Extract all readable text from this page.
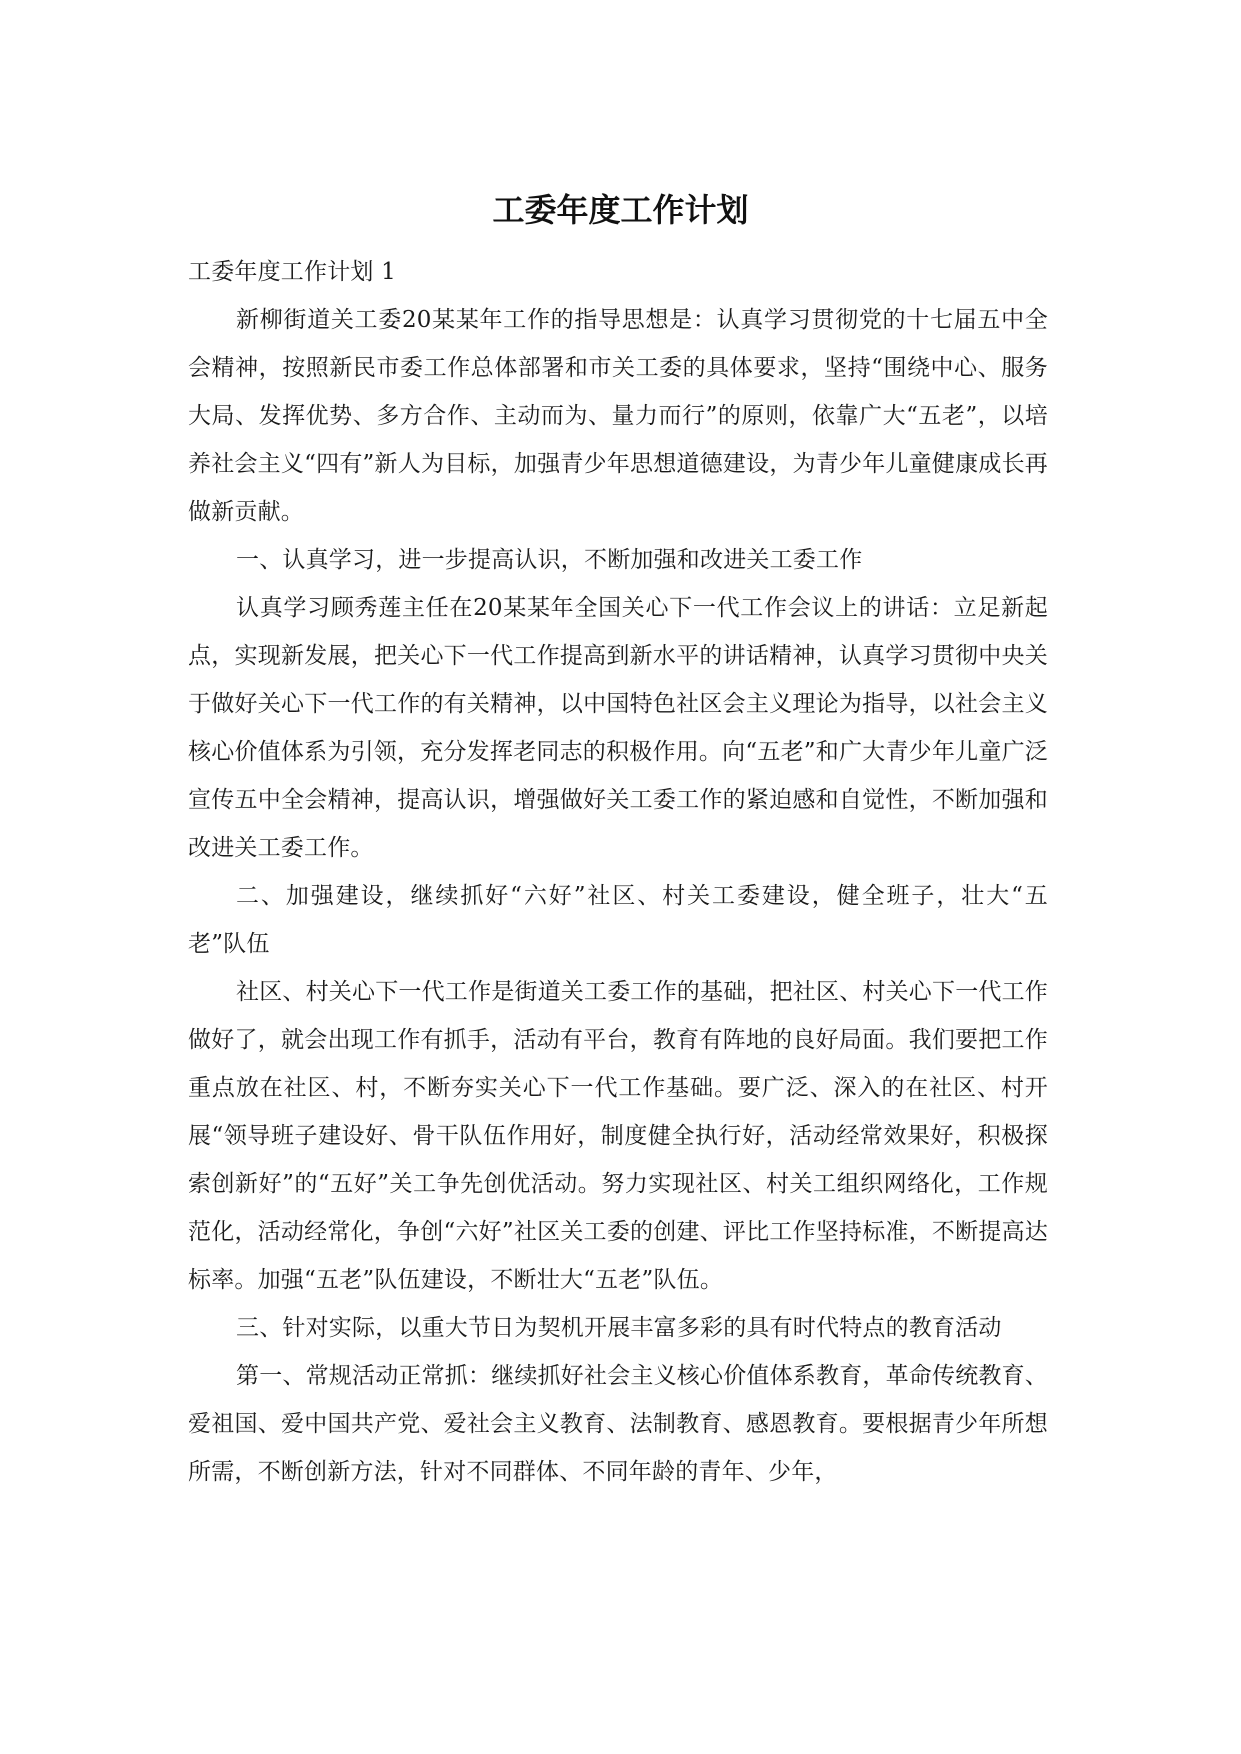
工委年度工作计划

工委年度工作计划 1

新柳街道关工委20某某年工作的指导思想是：认真学习贯彻党的十七届五中全会精神，按照新民市委工作总体部署和市关工委的具体要求，坚持“围绕中心、服务大局、发挥优势、多方合作、主动而为、量力而行”的原则，依靠广大“五老”，以培养社会主义“四有”新人为目标，加强青少年思想道德建设，为青少年儿童健康成长再做新贡献。

一、认真学习，进一步提高认识，不断加强和改进关工委工作

认真学习顾秀莲主任在20某某年全国关心下一代工作会议上的讲话：立足新起点，实现新发展，把关心下一代工作提高到新水平的讲话精神，认真学习贯彻中央关于做好关心下一代工作的有关精神，以中国特色社区会主义理论为指导，以社会主义核心价值体系为引领，充分发挥老同志的积极作用。向“五老”和广大青少年儿童广泛宣传五中全会精神，提高认识，增强做好关工委工作的紧迫感和自觉性，不断加强和改进关工委工作。

二、加强建设，继续抓好“六好”社区、村关工委建设，健全班子，壮大“五老”队伍

社区、村关心下一代工作是街道关工委工作的基础，把社区、村关心下一代工作做好了，就会出现工作有抓手，活动有平台，教育有阵地的良好局面。我们要把工作重点放在社区、村，不断夯实关心下一代工作基础。要广泛、深入的在社区、村开展“领导班子建设好、骨干队伍作用好，制度健全执行好，活动经常效果好，积极探索创新好”的“五好”关工争先创优活动。努力实现社区、村关工组织网络化，工作规范化，活动经常化，争创“六好”社区关工委的创建、评比工作坚持标准，不断提高达标率。加强“五老”队伍建设，不断壮大“五老”队伍。

三、针对实际，以重大节日为契机开展丰富多彩的具有时代特点的教育活动

第一、常规活动正常抓：继续抓好社会主义核心价值体系教育，革命传统教育、爱祖国、爱中国共产党、爱社会主义教育、法制教育、感恩教育。要根据青少年所想所需，不断创新方法，针对不同群体、不同年龄的青年、少年，
